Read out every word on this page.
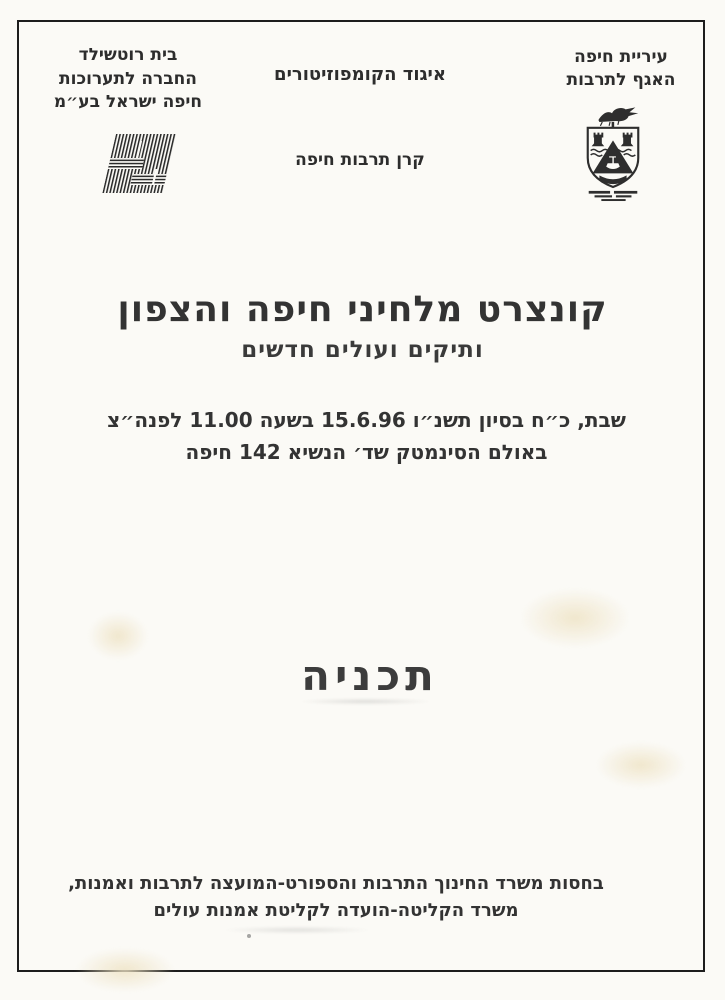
עיריית חיפה
האגף לתרבות
איגוד הקומפוזיטורים
קרן תרבות חיפה
בית רוטשילד
החברה לתערוכות
חיפה ישראל בע״מ
קונצרט מלחיני חיפה והצפון
ותיקים ועולים חדשים
שבת, כ״ח בסיון תשנ״ו 15.6.96 בשעה 11.00 לפנה״צ
באולם הסינמטק שד׳ הנשיא 142 חיפה
תכניה
בחסות משרד החינוך התרבות והספורט-המועצה לתרבות ואמנות,
משרד הקליטה-הועדה לקליטת אמנות עולים
